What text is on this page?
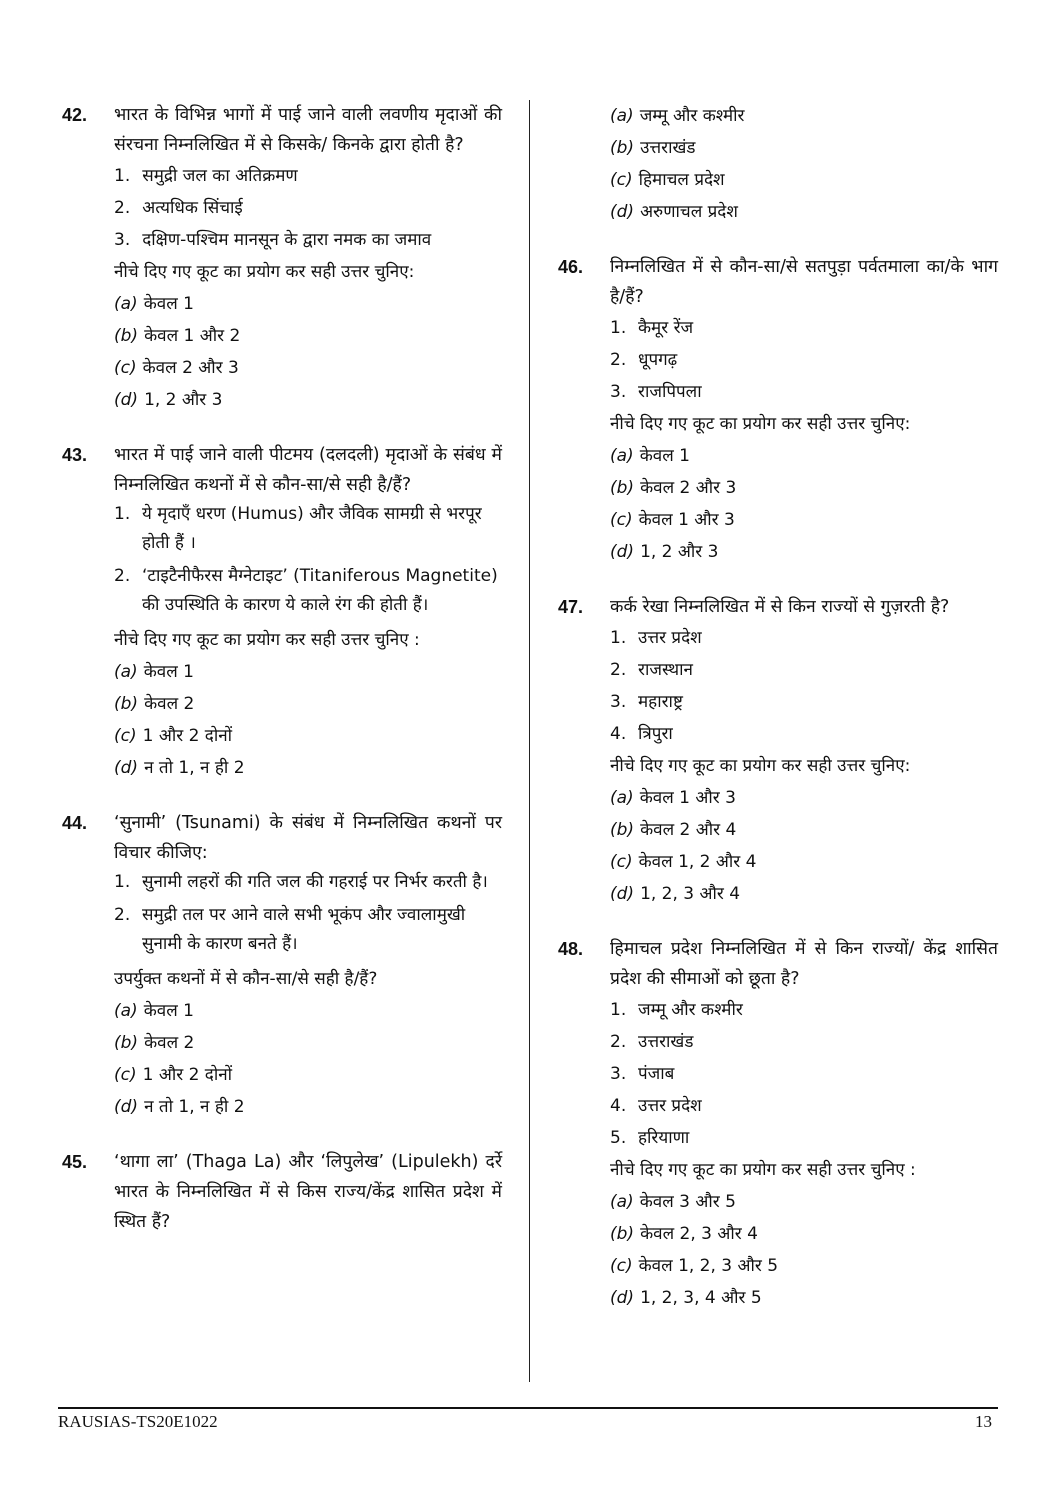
42. भारत के विभिन्न भागों में पाई जाने वाली लवणीय मृदाओं की संरचना निम्नलिखित में से किसके/ किनके द्वारा होती है?

1. समुद्री जल का अतिक्रमण
2. अत्यधिक सिंचाई
3. दक्षिण-पश्चिम मानसून के द्वारा नमक का जमाव

नीचे दिए गए कूट का प्रयोग कर सही उत्तर चुनिए:

(a) केवल 1
(b) केवल 1 और 2
(c) केवल 2 और 3
(d) 1, 2 और 3
43. भारत में पाई जाने वाली पीटमय (दलदली) मृदाओं के संबंध में निम्नलिखित कथनों में से कौन-सा/से सही है/हैं?

1. ये मृदाएँ धरण (Humus) और जैविक सामग्री से भरपूर होती हैं ।
2. ‘टाइटैनीफैरस मैग्नेटाइट’ (Titaniferous Magnetite) की उपस्थिति के कारण ये काले रंग की होती हैं।

नीचे दिए गए कूट का प्रयोग कर सही उत्तर चुनिए :

(a) केवल 1
(b) केवल 2
(c) 1 और 2 दोनों
(d) न तो 1, न ही 2
44. ‘सुनामी’ (Tsunami) के संबंध में निम्नलिखित कथनों पर विचार कीजिए:

1. सुनामी लहरों की गति जल की गहराई पर निर्भर करती है।
2. समुद्री तल पर आने वाले सभी भूकंप और ज्वालामुखी सुनामी के कारण बनते हैं।

उपर्युक्त कथनों में से कौन-सा/से सही है/हैं?

(a) केवल 1
(b) केवल 2
(c) 1 और 2 दोनों
(d) न तो 1, न ही 2
45. ‘थागा ला’ (Thaga La) और ‘लिपुलेख’ (Lipulekh) दर्रे भारत के निम्नलिखित में से किस राज्य/केंद्र शासित प्रदेश में स्थित हैं?

(a) जम्मू और कश्मीर
(b) उत्तराखंड
(c) हिमाचल प्रदेश
(d) अरुणाचल प्रदेश
46. निम्नलिखित में से कौन-सा/से सतपुड़ा पर्वतमाला का/के भाग है/हैं?

1. कैमूर रेंज
2. धूपगढ़
3. राजपिपला

नीचे दिए गए कूट का प्रयोग कर सही उत्तर चुनिए:

(a) केवल 1
(b) केवल 2 और 3
(c) केवल 1 और 3
(d) 1, 2 और 3
47. कर्क रेखा निम्नलिखित में से किन राज्यों से गुज़रती है?

1. उत्तर प्रदेश
2. राजस्थान
3. महाराष्ट्र
4. त्रिपुरा

नीचे दिए गए कूट का प्रयोग कर सही उत्तर चुनिए:

(a) केवल 1 और 3
(b) केवल 2 और 4
(c) केवल 1, 2 और 4
(d) 1, 2, 3 और 4
48. हिमाचल प्रदेश निम्नलिखित में से किन राज्यों/ केंद्र शासित प्रदेश की सीमाओं को छूता है?

1. जम्मू और कश्मीर
2. उत्तराखंड
3. पंजाब
4. उत्तर प्रदेश
5. हरियाणा

नीचे दिए गए कूट का प्रयोग कर सही उत्तर चुनिए :

(a) केवल 3 और 5
(b) केवल 2, 3 और 4
(c) केवल 1, 2, 3 और 5
(d) 1, 2, 3, 4 और 5
RAUSIAS-TS20E1022	13
